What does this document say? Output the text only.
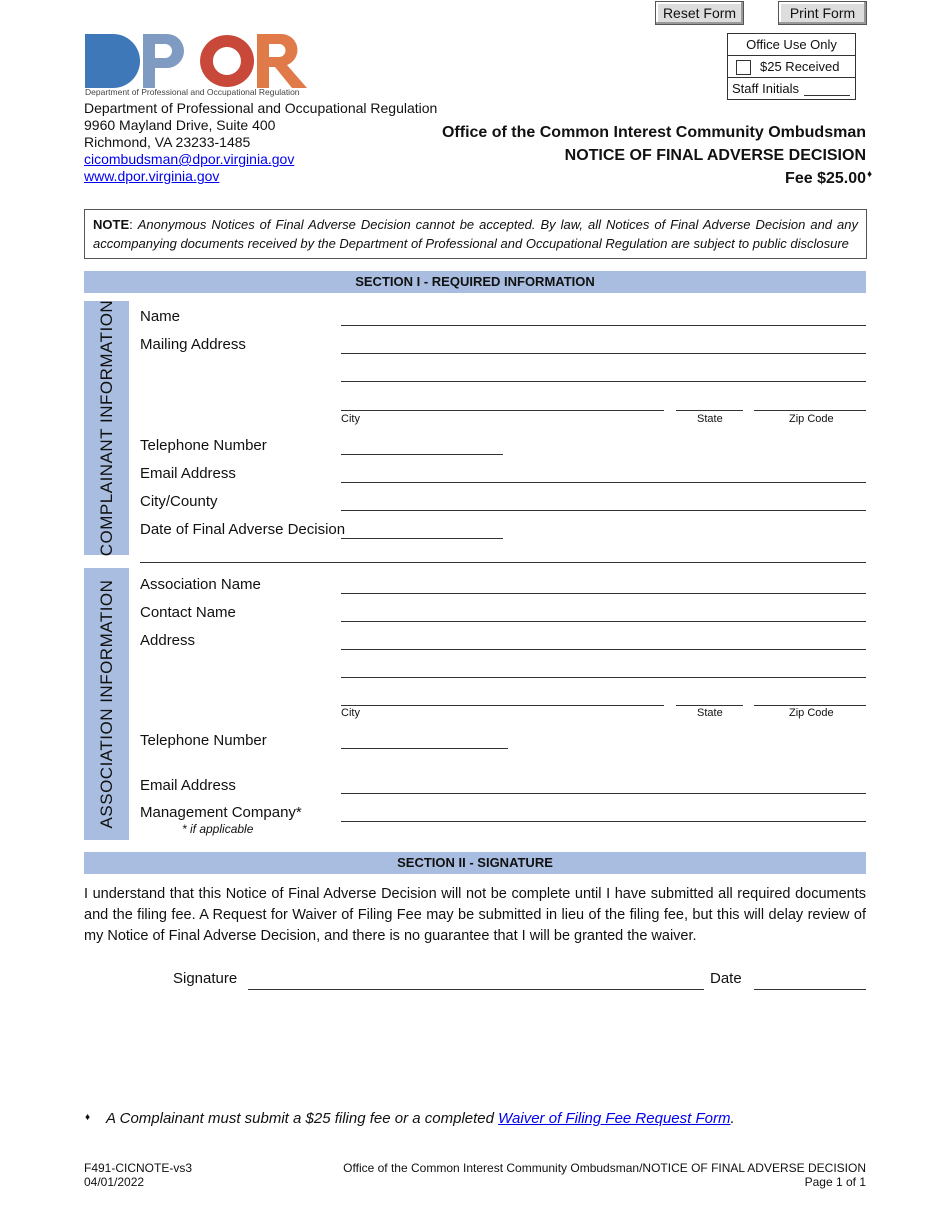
Reset Form	Print Form
Office Use Only
$25 Received
Staff Initials
Department of Professional and Occupational Regulation
Department of Professional and Occupational Regulation
9960 Mayland Drive, Suite 400
Richmond, VA 23233-1485
cicombudsman@dpor.virginia.gov
www.dpor.virginia.gov
Office of the Common Interest Community Ombudsman
NOTICE OF FINAL ADVERSE DECISION
Fee $25.00 ♦
NOTE: Anonymous Notices of Final Adverse Decision cannot be accepted. By law, all Notices of Final Adverse Decision and any accompanying documents received by the Department of Professional and Occupational Regulation are subject to public disclosure
SECTION I - REQUIRED INFORMATION
COMPLAINANT INFORMATION Name
Mailing Address
City	State	Zip Code
Telephone Number
Email Address
City/County
Date of Final Adverse Decision
ASSOCIATION INFORMATION Association Name
Contact Name
Address
City	State	Zip Code
Telephone Number
Email Address
Management Company*
* if applicable
SECTION II - SIGNATURE
I understand that this Notice of Final Adverse Decision will not be complete until I have submitted all required documents and the filing fee. A Request for Waiver of Filing Fee may be submitted in lieu of the filing fee, but this will delay review of my Notice of Final Adverse Decision, and there is no guarantee that I will be granted the waiver.
Signature	Date
♦ A Complainant must submit a $25 filing fee or a completed Waiver of Filing Fee Request Form.
F491-CICNOTE-vs3
04/01/2022
Office of the Common Interest Community Ombudsman/NOTICE OF FINAL ADVERSE DECISION
Page 1 of 1
